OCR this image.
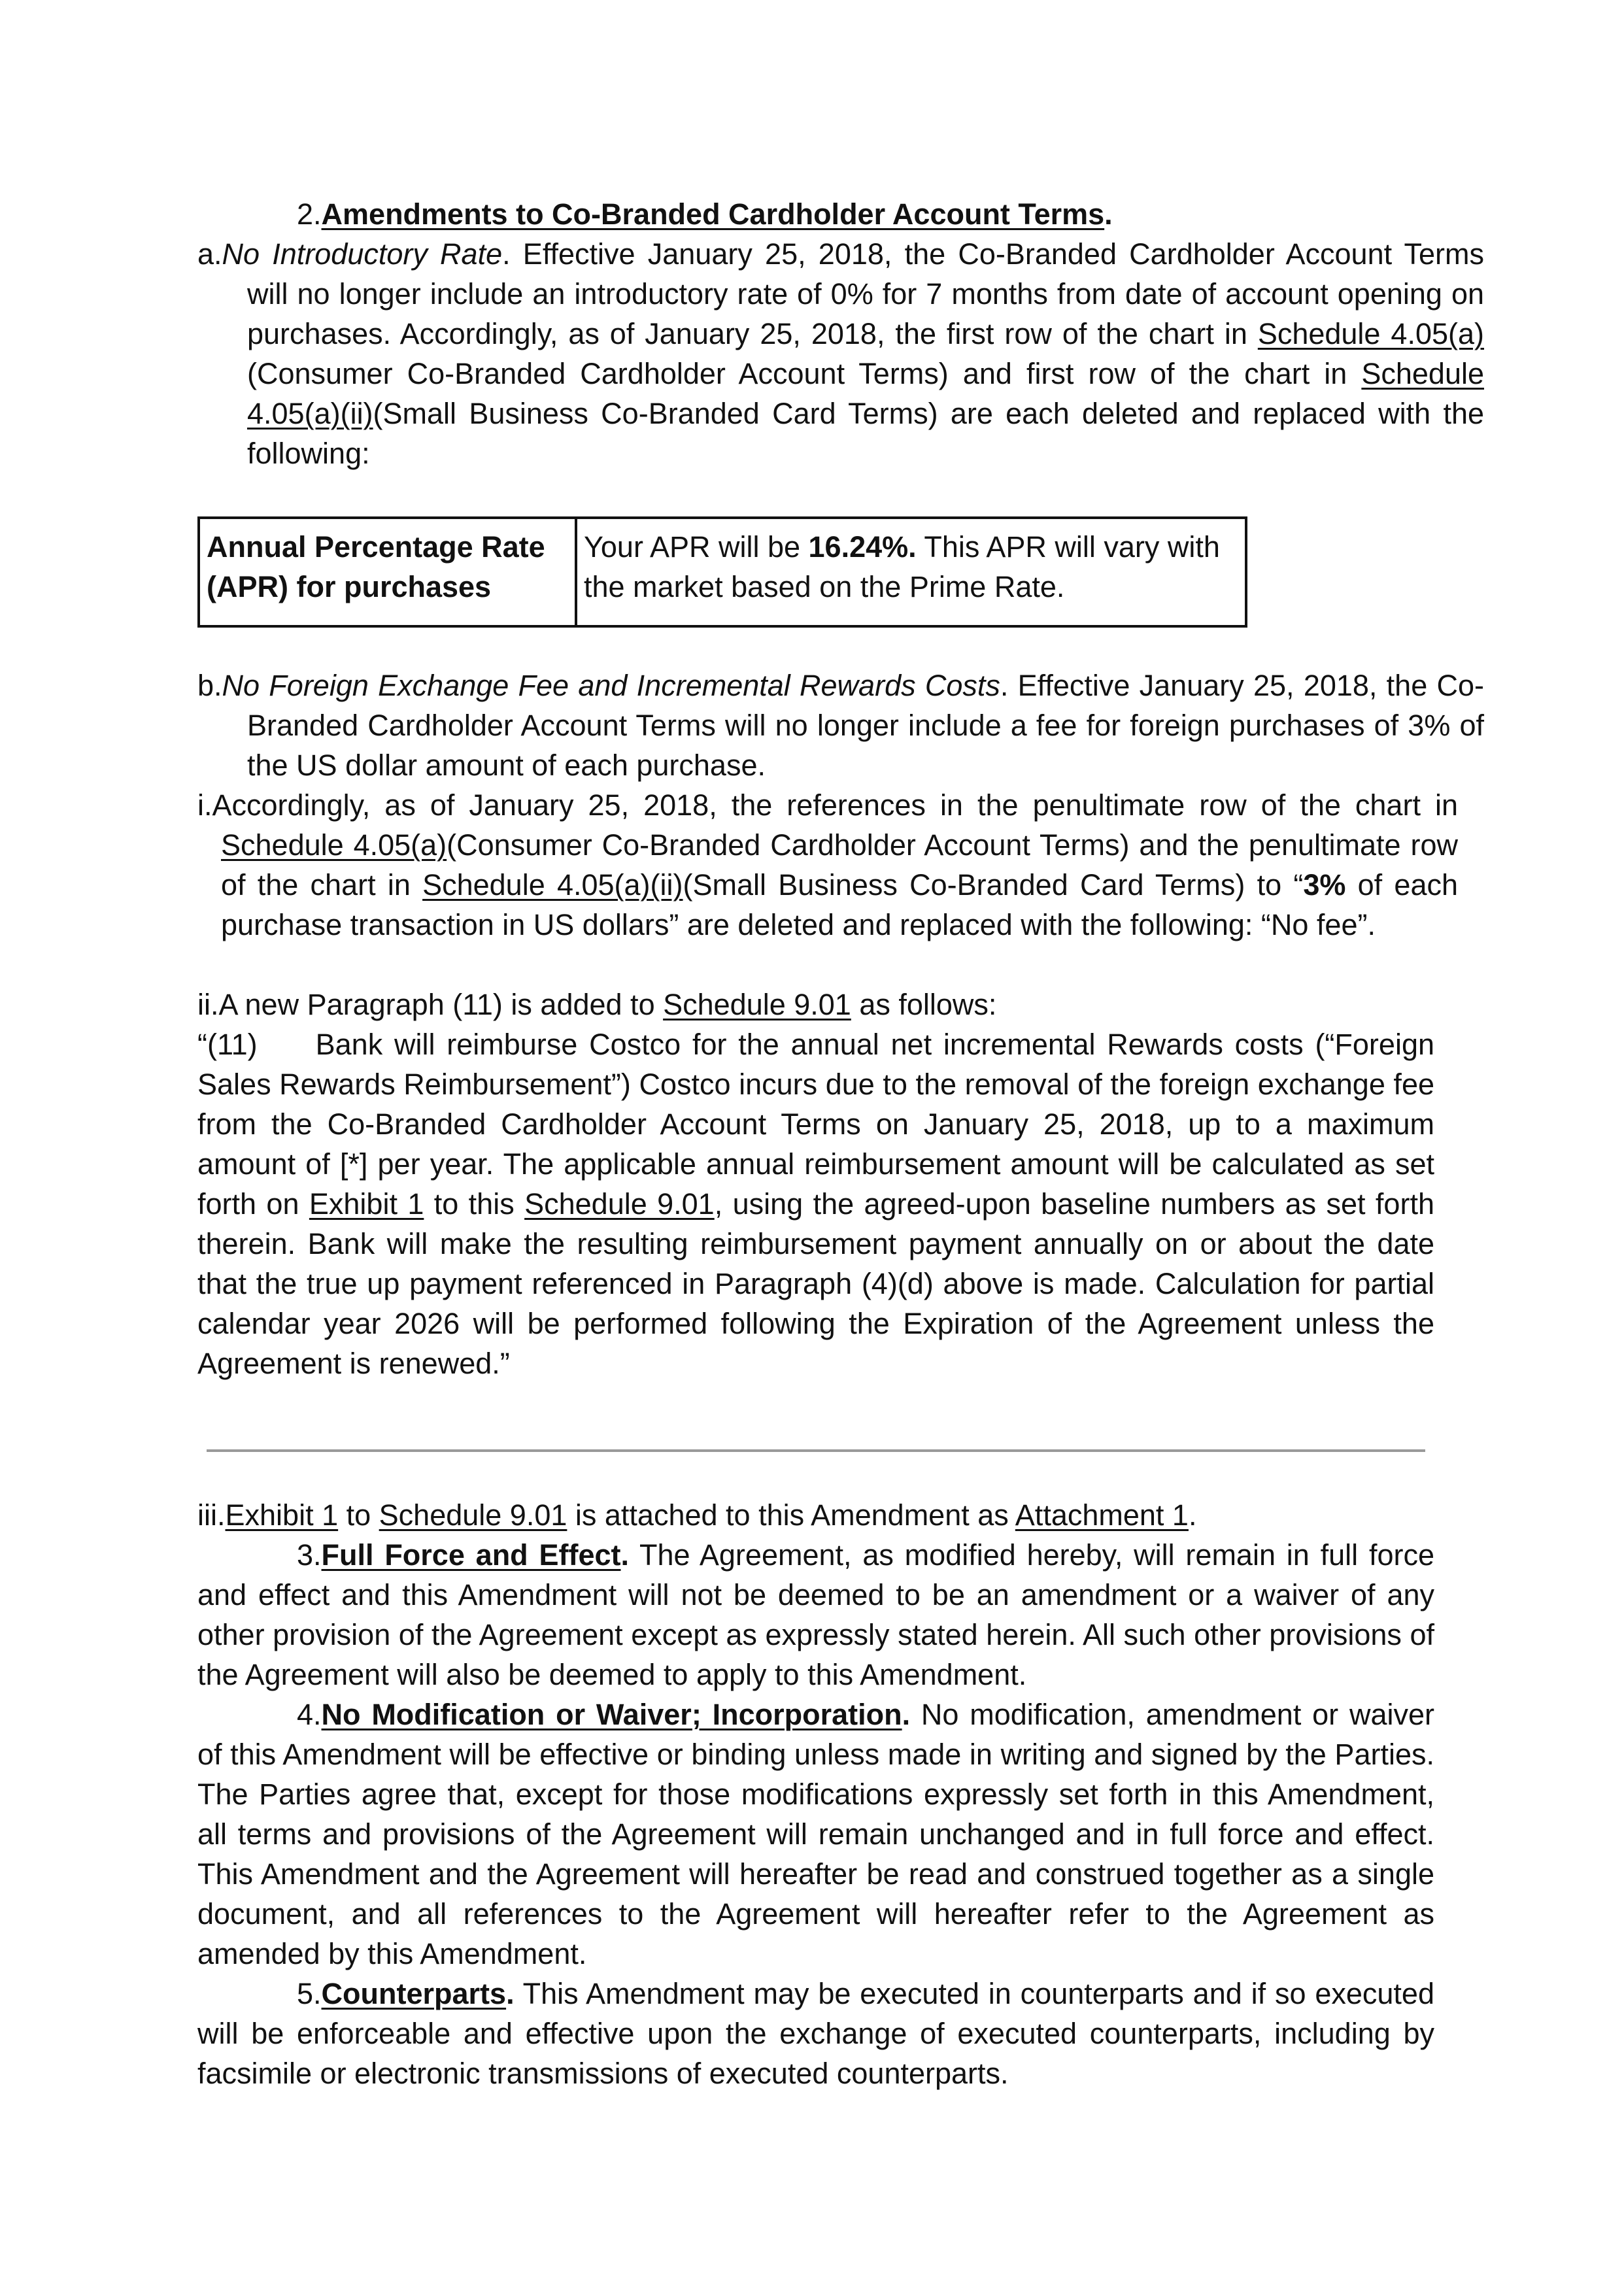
2.Amendments to Co-Branded Cardholder Account Terms.

a.No Introductory Rate. Effective January 25, 2018, the Co-Branded Cardholder Account Terms will no longer include an introductory rate of 0% for 7 months from date of account opening on purchases. Accordingly, as of January 25, 2018, the first row of the chart in Schedule 4.05(a)(Consumer Co-Branded Cardholder Account Terms) and first row of the chart in Schedule 4.05(a)(ii)(Small Business Co-Branded Card Terms) are each deleted and replaced with the following:

Annual Percentage Rate (APR) for purchases	Your APR will be 16.24%. This APR will vary with the market based on the Prime Rate.

b.No Foreign Exchange Fee and Incremental Rewards Costs. Effective January 25, 2018, the Co-Branded Cardholder Account Terms will no longer include a fee for foreign purchases of 3% of the US dollar amount of each purchase.

i.Accordingly, as of January 25, 2018, the references in the penultimate row of the chart in Schedule 4.05(a)(Consumer Co-Branded Cardholder Account Terms) and the penultimate row of the chart in Schedule 4.05(a)(ii)(Small Business Co-Branded Card Terms) to “3% of each purchase transaction in US dollars” are deleted and replaced with the following: “No fee”.

ii.A new Paragraph (11) is added to Schedule 9.01 as follows:

“(11)     Bank will reimburse Costco for the annual net incremental Rewards costs (“Foreign Sales Rewards Reimbursement”) Costco incurs due to the removal of the foreign exchange fee from the Co-Branded Cardholder Account Terms on January 25, 2018, up to a maximum amount of [*] per year. The applicable annual reimbursement amount will be calculated as set forth on Exhibit 1 to this Schedule 9.01, using the agreed-upon baseline numbers as set forth therein. Bank will make the resulting reimbursement payment annually on or about the date that the true up payment referenced in Paragraph (4)(d) above is made. Calculation for partial calendar year 2026 will be performed following the Expiration of the Agreement unless the Agreement is renewed.”

iii.Exhibit 1 to Schedule 9.01 is attached to this Amendment as Attachment 1.

3.Full Force and Effect. The Agreement, as modified hereby, will remain in full force and effect and this Amendment will not be deemed to be an amendment or a waiver of any other provision of the Agreement except as expressly stated herein. All such other provisions of the Agreement will also be deemed to apply to this Amendment.

4.No Modification or Waiver; Incorporation. No modification, amendment or waiver of this Amendment will be effective or binding unless made in writing and signed by the Parties. The Parties agree that, except for those modifications expressly set forth in this Amendment, all terms and provisions of the Agreement will remain unchanged and in full force and effect. This Amendment and the Agreement will hereafter be read and construed together as a single document, and all references to the Agreement will hereafter refer to the Agreement as amended by this Amendment.

5.Counterparts. This Amendment may be executed in counterparts and if so executed will be enforceable and effective upon the exchange of executed counterparts, including by facsimile or electronic transmissions of executed counterparts.
